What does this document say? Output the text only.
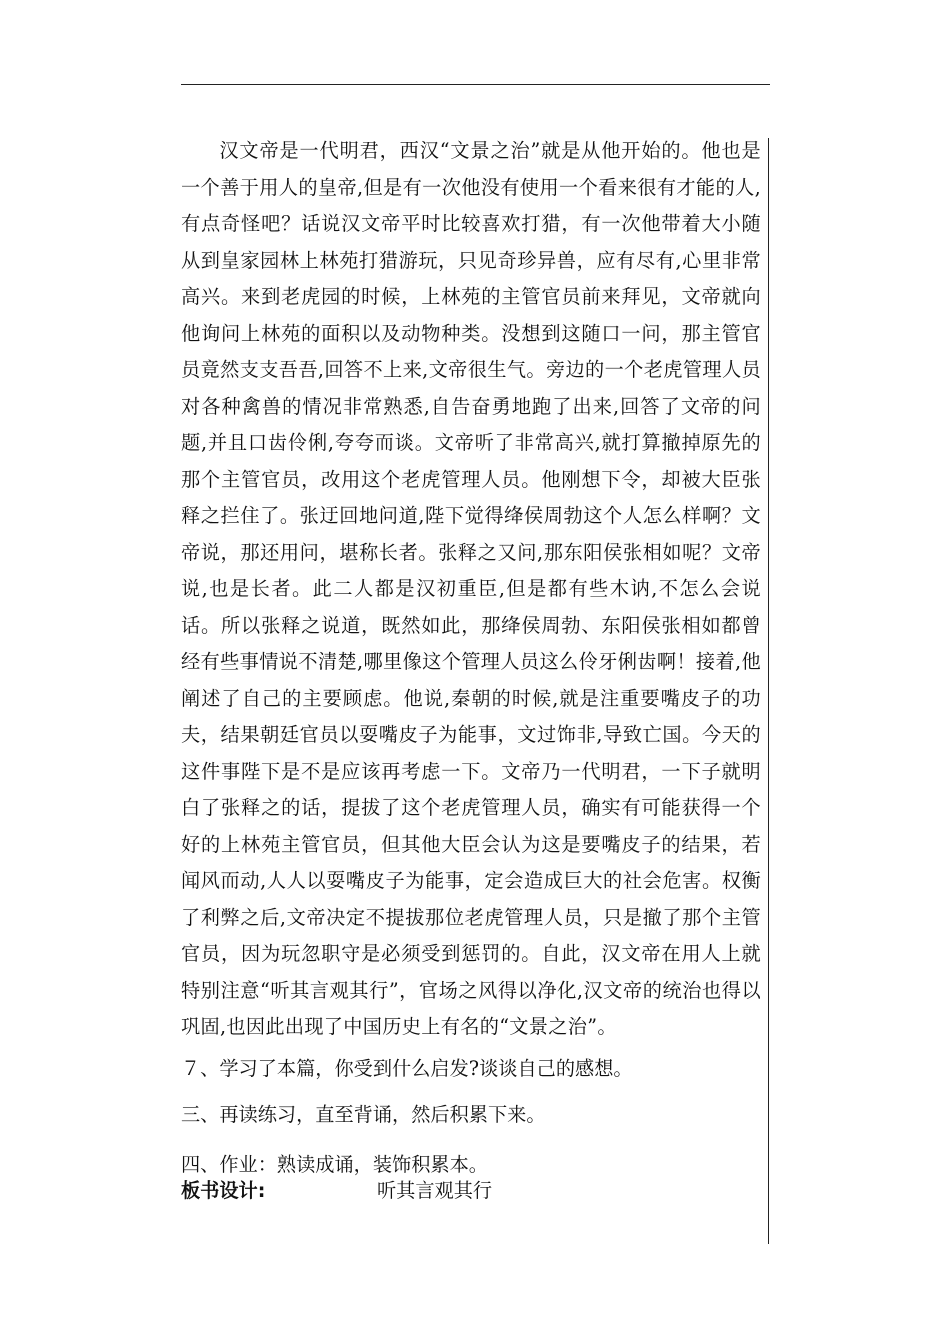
汉文帝是一代明君，西汉“文景之治”就是从他开始的。他也是一个善于用人的皇帝,但是有一次他没有使用一个看来很有才能的人,有点奇怪吧？话说汉文帝平时比较喜欢打猎，有一次他带着大小随从到皇家园林上林苑打猎游玩，只见奇珍异兽，应有尽有,心里非常高兴。来到老虎园的时候，上林苑的主管官员前来拜见，文帝就向他询问上林苑的面积以及动物种类。没想到这随口一问，那主管官员竟然支支吾吾,回答不上来,文帝很生气。旁边的一个老虎管理人员对各种禽兽的情况非常熟悉,自告奋勇地跑了出来,回答了文帝的问题,并且口齿伶俐,夸夸而谈。文帝听了非常高兴,就打算撤掉原先的那个主管官员，改用这个老虎管理人员。他刚想下令，却被大臣张释之拦住了。张迂回地问道,陛下觉得绛侯周勃这个人怎么样啊？文帝说，那还用问，堪称长者。张释之又问,那东阳侯张相如呢？文帝说,也是长者。此二人都是汉初重臣,但是都有些木讷,不怎么会说话。所以张释之说道，既然如此，那绛侯周勃、东阳侯张相如都曾经有些事情说不清楚,哪里像这个管理人员这么伶牙俐齿啊！接着,他阐述了自己的主要顾虑。他说,秦朝的时候,就是注重要嘴皮子的功夫，结果朝廷官员以耍嘴皮子为能事，文过饰非,导致亡国。今天的这件事陛下是不是应该再考虑一下。文帝乃一代明君，一下子就明白了张释之的话，提拔了这个老虎管理人员，确实有可能获得一个好的上林苑主管官员，但其他大臣会认为这是要嘴皮子的结果，若闻风而动,人人以耍嘴皮子为能事，定会造成巨大的社会危害。权衡了利弊之后,文帝决定不提拔那位老虎管理人员，只是撤了那个主管官员，因为玩忽职守是必须受到惩罚的。自此，汉文帝在用人上就特别注意“听其言观其行”，官场之风得以净化,汉文帝的统治也得以巩固,也因此出现了中国历史上有名的“文景之治”。

７、学习了本篇，你受到什么启发?谈谈自己的感想。

三、再读练习，直至背诵，然后积累下来。

四、作业：熟读成诵，装饰积累本。

板书设计:	听其言观其行
